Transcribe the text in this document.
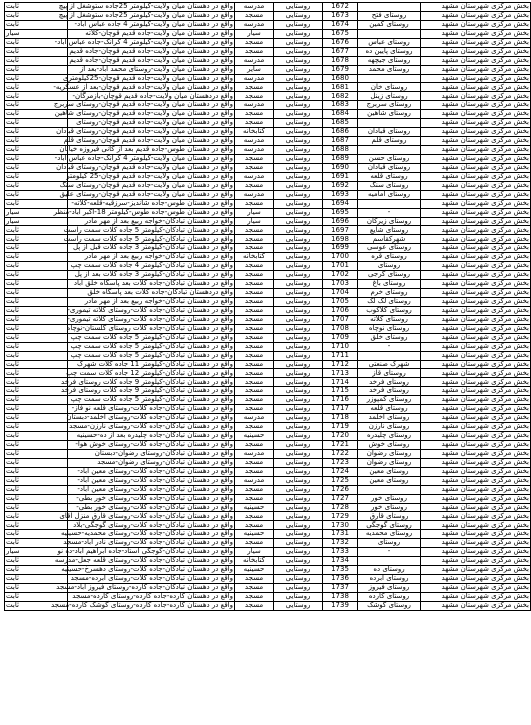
بخش مرکزی شهرستان مشهد		1672	روستایی	مدرسه	واقع در دهستان میان ولایت-کیلومتر 25جاده ستوشغل از پیچ	ثابت
بخش مرکزی شهرستان مشهد	روستای فتح	1673	روستایی	مسجد	واقع در دهستان میان ولایت-کیلومتر 25جاده ستوشغل از پیچ	ثابت
بخش مرکزی شهرستان مشهد	روستای کمین	1674	روستایی	مدرسه	واقع در دهستان میان ولایت-کیلومتر 4 جاده عباس اباد-	ثابت
بخش مرکزی شهرستان مشهد		1675	روستایی	سیار	واقع در دهستان میان ولایت-جاده قدیم قوچان-کلاته	سیار
بخش مرکزی شهرستان مشهد	روستای عباس	1676	روستایی	مسجد	واقع در دهستان میان ولایت-کیلومتر 4 کرانک-جاده عباس اباد-	ثابت
بخش مرکزی شهرستان مشهد	روستای پایین ده	1677	روستایی	مسجد	واقع در دهستان میان ولایت-جاده قدیم قوچان-جاده قدیم	ثابت
بخش مرکزی شهرستان مشهد	روستای جیچهه	1678	روستایی	مدرسه	واقع در دهستان میان ولایت-جاده قدیم قوچان-جاده قدیم	ثابت
بخش مرکزی شهرستان مشهد	روستای محمد	1679	روستایی	سایر	واقع در دهستان میان ولایت-روستای محمد اباد-بعد از	ثابت
بخش مرکزی شهرستان مشهد		1680	روستایی	مدرسه	واقع در دهستان میان ولایت-جاده قدیم قوچان-25کیلومتری	ثابت
بخش مرکزی شهرستان مشهد	روستای خان	1681	روستایی	مسجد	واقع در دهستان میان ولایت-جاده قدیم قوچان-بعد از عسکریه-	ثابت
بخش مرکزی شهرستان مشهد	روستای زینل	1682	روستایی	مسجد	واقع دردهستان میان ولایت-جاده قدیم قوچان-بازمرگان-	ثابت
بخش مرکزی شهرستان مشهد	روستای سربرج	1683	روستایی	مدرسه	واقع در دهستان میان ولایت-جاده قدیم قوچان-روستای سربرج	ثابت
بخش مرکزی شهرستان مشهد	روستای شاهین	1684	روستایی	مسجد	واقع در دهستان میان ولایت-جاده قدیم قوچان-روستای شاهین	ثابت
بخش مرکزی شهرستان مشهد		1685	روستایی	مسجد	واقع در دهستان میان ولایت-جاده قدیم قوچان-روستای	ثابت
بخش مرکزی شهرستان مشهد	روستای قبادان	1686	روستایی	کتابخانه	واقع در دهستان میان ولایت-جاده قدیم قوچان-روستای قبادان	ثابت
بخش مرکزی شهرستان مشهد	روستای قلم	1687	روستایی	مدرسه	واقع در دهستان میان ولایت-جاده قدیم قوچان-روستای قلم	ثابت
بخش مرکزی شهرستان مشهد		1688	روستایی	مدرسه	واقع در دهستان طوس-جاده قدیم بعد از کانی فیروزه خیابان	ثابت
بخش مرکزی شهرستان مشهد	روستای حسن	1689	روستایی	مسجد	واقع در دهستان میان ولایت-کیلومتر 4 کرانک-جاده عباس اباد-	ثابت
بخش مرکزی شهرستان مشهد	روستای قبادان	1690	روستایی	مسجد	واقع در دهستان میان ولایت-جاده قدیم قوچان-روستای قبادان	ثابت
بخش مرکزی شهرستان مشهد	روستای قلعه	1691	روستایی	مدرسه	واقع در دهستان میان ولایت-جاده قدیم قوچان-25 کیلومتر	ثابت
بخش مرکزی شهرستان مشهد	روستای سنگ	1692	روستایی	مسجد	واقع در دهستان میان ولایت-جاده قدیم قوچان-روستای سنگ	ثابت
بخش مرکزی شهرستان مشهد	روستای امامیه	1693	روستایی	مدرسه	واقع در دهستان میان ولایت-جاده قدیم قوچان-روستای علیق	ثابت
بخش مرکزی شهرستان مشهد		1694	روستایی	مسجد	واقع در دهستان طوس-جاده شاندیز-سرزقیه-قلعه-کلاته-	ثابت
بخش مرکزی شهرستان مشهد	-	1695	روستایی	سیار	واقع در دهستان طوس-جاده طوس-کیلومتر 18-اکبر اباد-منظر	سیار
بخش مرکزی شهرستان مشهد	روستای زیرکان	1696	روستایی	سیار	واقع در دهستان تبادکان-خواجه ربیع بعد از مهر مادر	سیار
بخش مرکزی شهرستان مشهد	روستای شایع	1697	روستایی	مسجد	واقع در دهستان تبادکان-کیلومتر 5 جاده کلات سمت راست	ثابت
بخش مرکزی شهرستان مشهد	شهرکقاسم	1698	روستایی	مسجد	واقع در دهستان تبادکان-کیلومتر 5 جاده کلات سمت راست	ثابت
بخش مرکزی شهرستان مشهد	روستای عوسی	1699	روستایی	مسجد	واقع در دهستان تبادکان-کیلومتر 3 جاده کلات قبل از پل	ثابت
بخش مرکزی شهرستان مشهد	روستای قره	1700	روستایی	کتابخانه	واقع در دهستان تبادکان-خواجه ربیع بعد از مهر مادر	ثابت
بخش مرکزی شهرستان مشهد	روستای	1701	روستایی	مسجد	واقع در دهستان تبادکان-کیلومتر 4 جاده کلات سمت چپ	ثابت
بخش مرکزی شهرستان مشهد	روستای گرجی	1702	روستایی	مسجد	واقع در دهستان تبادکان-کیلومتر 3 جاده کلات بعد از پل	ثابت
بخش مرکزی شهرستان مشهد	روستای باغ	1703	روستایی	مسجد	واقع در دهستان تبادکان-جاده کلات بعد پاسگاه خلق اباد	ثابت
بخش مرکزی شهرستان مشهد	روستای خرم	1704	روستایی	مسجد	واقع دردهستان تبادکان-جاده کلات بعد پاسگاه خلق	ثابت
بخش مرکزی شهرستان مشهد	روستای لک لک	1705	روستایی	مسجد	واقع در دهستان تبادکان-خواجه ربیع بعد از مهر مادر	ثابت
بخش مرکزی شهرستان مشهد	روستای کلاکوب	1706	روستایی	مسجد	واقع در دهستان تبادکان-جاده کلات-روستای کلاته تیموری-	ثابت
بخش مرکزی شهرستان مشهد	روستای کلاته	1707	روستایی	مسجد	واقع در دهستان تبادکان-جاده کلات-روستای کلاته تیموری-	ثابت
بخش مرکزی شهرستان مشهد	روستای نوچاه	1708	روستایی	مسجد	واقع در دهستان تبادکان-جاده کلات روستای گلستان-نوچاه	ثابت
بخش مرکزی شهرستان مشهد	روستای خلق	1709	روستایی	مسجد	واقع در دهستان تبادکان-کیلومتر 5 جاده کلات سمت چپ	ثابت
بخش مرکزی شهرستان مشهد	-	1710	روستایی	مسجد	واقع در دهستان تبادکان-کیلومتر 5 جاده کلات سمت چپ	ثابت
بخش مرکزی شهرستان مشهد		1711	روستایی	مسجد	واقع در دهستان تبادکان-کیلومتر 5 جاده کلات سمت چپ	ثابت
بخش مرکزی شهرستان مشهد	شهرک صنعتی	1712	روستایی	مسجد	واقع در دهستان تبادکان-کیلومتر 11 جاده کلات شهرک	ثابت
بخش مرکزی شهرستان مشهد	روستای قاز	1713	روستایی	مسجد	واقع در دهستان تبادکان-کیلومتر 12 جاده کلات سمت چپ	ثابت
بخش مرکزی شهرستان مشهد	روستای فرخد	1714	روستایی	مسجد	واقع در دهستان تبادکان-کیلومتر 9 جاده کلات روستای فرخد	ثابت
بخش مرکزی شهرستان مشهد	روستای فرخد	1715	روستایی	مسجد	واقع در دهستان تبادکان-کیلومتر 9 جاده کلات روستای فرخد	ثابت
بخش مرکزی شهرستان مشهد	روستای کمپوزر	1716	روستایی	مسجد	واقع در دهستان تبادکان-کیلومتر 5 جاده کلات سمت چپ	ثابت
بخش مرکزی شهرستان مشهد	روستای قلعه	1717	روستایی	مسجد	واقع در دهستان تبادکان-جاده کلات-روستای قلعه نو فاز-	ثابت
بخش مرکزی شهرستان مشهد	روستای اخلمد	1718	روستایی	مدرسه	واقع در دهستان تبادکان-جاده کلات-روستای اخلمد-دبستان	ثابت
بخش مرکزی شهرستان مشهد	روستای نارزن	1719	روستایی	مسجد	واقع در دهستان تبادکان-جاده کلات-روستای نارزن-مسجد	ثابت
بخش مرکزی شهرستان مشهد	روستای چلیدره	1720	روستایی	حسینیه	واقع در دهستان تبادکان-جاده چلیدره بعد از ده-حسینیه	ثابت
بخش مرکزی شهرستان مشهد	روستای خوش	1721	روستایی	مسجد	واقع در دهستان تبادکان-جاده کلات-روستای خوش هوا-	ثابت
بخش مرکزی شهرستان مشهد	روستای رضوان	1722	روستایی	مدرسه	واقع در دهستان تبادکان-روستای رضوان-دبستان	ثابت
بخش مرکزی شهرستان مشهد	روستای رضوان	1723	روستایی	مسجد	واقع در دهستان تبادکان-روستای رضوان-مسجد	ثابت
بخش مرکزی شهرستان مشهد	روستای معین	1724	روستایی	مسجد	واقع در دهستان تبادکان-جاده کلات-روستای معین اباد-	ثابت
بخش مرکزی شهرستان مشهد	روستای معین	1725	روستایی	مدرسه	واقع در دهستان تبادکان-جاده کلات-روستای معین اباد-	ثابت
بخش مرکزی شهرستان مشهد		1726	روستایی	مسجد	واقع در دهستان تبادکان-جاده کلات-روستای معین اباد-	ثابت
بخش مرکزی شهرستان مشهد	روستای خور	1727	روستایی	مسجد	واقع در دهستان تبادکان-جاده کلات-روستای خور بطی-	ثابت
بخش مرکزی شهرستان مشهد	روستای خور	1728	روستایی	حسینیه	واقع در دهستان تبادکان-جاده کلات-روستای خور بطی-	ثابت
بخش مرکزی شهرستان مشهد	روستای قارق	1729	روستایی	مسجد	واقع در دهستان تبادکان-جاده کلات-روستای قارق منزل اقای	ثابت
بخش مرکزی شهرستان مشهد	روستای گوجگی	1730	روستایی	مسجد	واقع در دهستان تبادکان-جاده کلات-روستای گوجگی-بلاد	ثابت
بخش مرکزی شهرستان مشهد	روستای محمدیه	1731	روستایی	حسینیه	واقع در دهستان تبادکان-جاده کلات-روستای محمدیه-حسینیه	ثابت
بخش مرکزی شهرستان مشهد	روستای	1732	روستایی	مسجد	واقع در دهستان تبادکان-جاده کلات-روستای نادر اباد-مسجد	ثابت
بخش مرکزی شهرستان مشهد	-	1733	روستایی	سیار	واقع در دهستان تبادکان-گوجگی استاد-جاده ابراهیم اباد-ده نو	سیار
بخش مرکزی شهرستان مشهد		1734	روستایی	کتابخانه	واقع در دهستان تبادکان-جاده کلات-روستای قلعه جعل-مدرسه	ثابت
بخش مرکزی شهرستان مشهد	روستای ده	1735	روستایی	حسینیه	واقع در دهستان تبادکان-جاده کلات-روستای دهسرخ-حسینیه	ثابت
بخش مرکزی شهرستان مشهد	روستای ابرده	1736	روستایی	مسجد	واقع در دهستان تبادکان-جاده کلات-روستای ابرده-مسجد	ثابت
بخش مرکزی شهرستان مشهد	روستای فیروز	1737	روستایی	مسجد	واقع در دهستان تبادکان-جاده کارده-روستای فیروز اباد-مسجد	ثابت
بخش مرکزی شهرستان مشهد	روستای کارده	1738	روستایی	مسجد	واقع در دهستان کارده-جاده کارده-روستای کارده-مسجد	ثابت
بخش مرکزی شهرستان مشهد	روستای گوشک	1739	روستایی	مسجد	واقع در دهستان کارده-جاده کارده-روستای گوشک کارده-مسجد	ثابت
